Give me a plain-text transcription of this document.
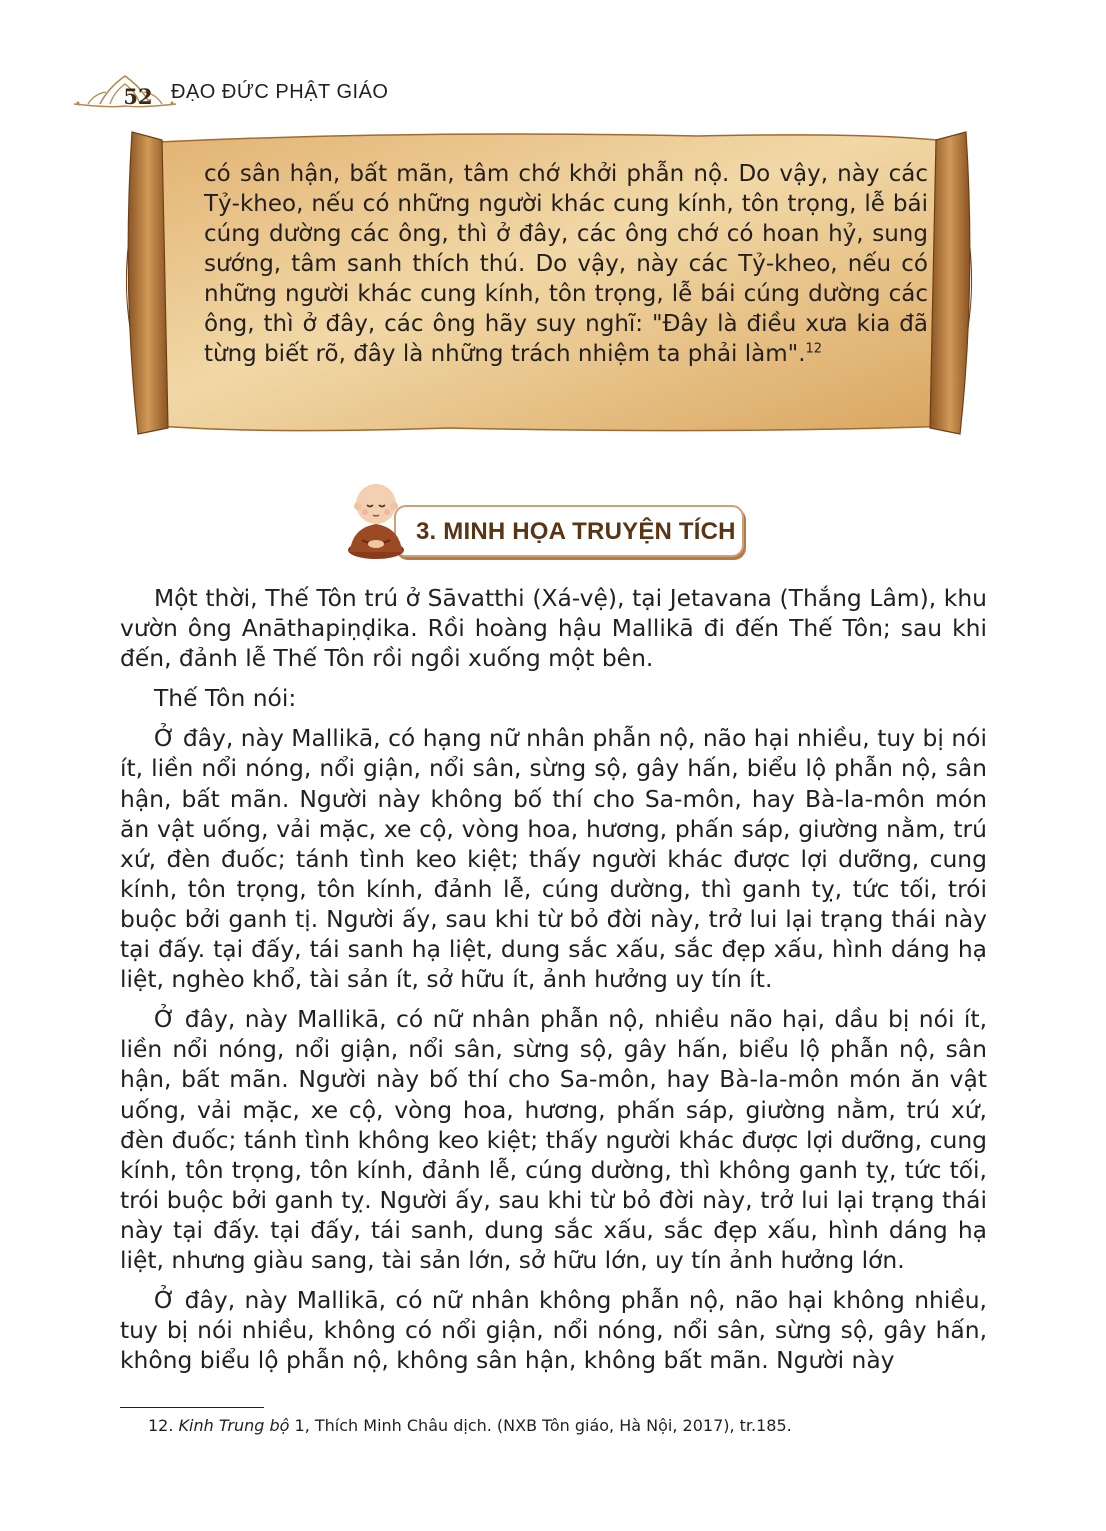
52 ĐẠO ĐỨC PHẬT GIÁO

có sân hận, bất mãn, tâm chớ khởi phẫn nộ. Do vậy, này các Tỷ-kheo, nếu có những người khác cung kính, tôn trọng, lễ bái cúng dường các ông, thì ở đây, các ông chớ có hoan hỷ, sung sướng, tâm sanh thích thú. Do vậy, này các Tỷ-kheo, nếu có những người khác cung kính, tôn trọng, lễ bái cúng dường các ông, thì ở đây, các ông hãy suy nghĩ: "Đây là điều xưa kia đã từng biết rõ, đây là những trách nhiệm ta phải làm".$^{12}$

3. MINH HỌA TRUYỆN TÍCH

Một thời, Thế Tôn trú ở Sāvatthi (Xá-vệ), tại Jetavana (Thắng Lâm), khu vườn ông Anāthapiṇḍika. Rồi hoàng hậu Mallikā đi đến Thế Tôn; sau khi đến, đảnh lễ Thế Tôn rồi ngồi xuống một bên.

Thế Tôn nói:

Ở đây, này Mallikā, có hạng nữ nhân phẫn nộ, não hại nhiều, tuy bị nói ít, liền nổi nóng, nổi giận, nổi sân, sừng sộ, gây hấn, biểu lộ phẫn nộ, sân hận, bất mãn. Người này không bố thí cho Sa-môn, hay Bà-la-môn món ăn vật uống, vải mặc, xe cộ, vòng hoa, hương, phấn sáp, giường nằm, trú xứ, đèn đuốc; tánh tình keo kiệt; thấy người khác được lợi dưỡng, cung kính, tôn trọng, tôn kính, đảnh lễ, cúng dường, thì ganh tỵ, tức tối, trói buộc bởi ganh tị. Người ấy, sau khi từ bỏ đời này, trở lui lại trạng thái này tại đấy. tại đấy, tái sanh hạ liệt, dung sắc xấu, sắc đẹp xấu, hình dáng hạ liệt, nghèo khổ, tài sản ít, sở hữu ít, ảnh hưởng uy tín ít.

Ở đây, này Mallikā, có nữ nhân phẫn nộ, nhiều não hại, dầu bị nói ít, liền nổi nóng, nổi giận, nổi sân, sừng sộ, gây hấn, biểu lộ phẫn nộ, sân hận, bất mãn. Người này bố thí cho Sa-môn, hay Bà-la-môn món ăn vật uống, vải mặc, xe cộ, vòng hoa, hương, phấn sáp, giường nằm, trú xứ, đèn đuốc; tánh tình không keo kiệt; thấy người khác được lợi dưỡng, cung kính, tôn trọng, tôn kính, đảnh lễ, cúng dường, thì không ganh tỵ, tức tối, trói buộc bởi ganh tỵ. Người ấy, sau khi từ bỏ đời này, trở lui lại trạng thái này tại đấy. tại đấy, tái sanh, dung sắc xấu, sắc đẹp xấu, hình dáng hạ liệt, nhưng giàu sang, tài sản lớn, sở hữu lớn, uy tín ảnh hưởng lớn.

Ở đây, này Mallikā, có nữ nhân không phẫn nộ, não hại không nhiều, tuy bị nói nhiều, không có nổi giận, nổi nóng, nổi sân, sừng sộ, gây hấn, không biểu lộ phẫn nộ, không sân hận, không bất mãn. Người này

12. Kinh Trung bộ 1, Thích Minh Châu dịch. (NXB Tôn giáo, Hà Nội, 2017), tr.185.
